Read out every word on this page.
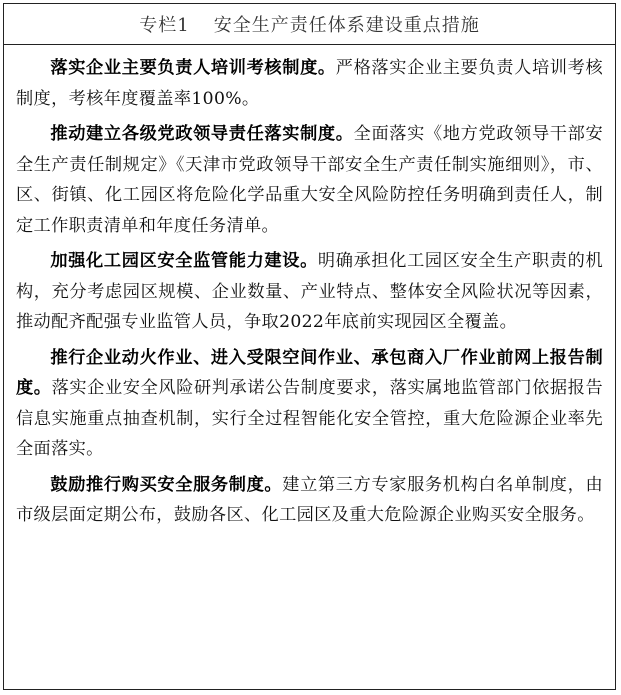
专栏1 安全生产责任体系建设重点措施

落实企业主要负责人培训考核制度。严格落实企业主要负责人培训考核制度，考核年度覆盖率100%。

推动建立各级党政领导责任落实制度。全面落实《地方党政领导干部安全生产责任制规定》《天津市党政领导干部安全生产责任制实施细则》，市、区、街镇、化工园区将危险化学品重大安全风险防控任务明确到责任人，制定工作职责清单和年度任务清单。

加强化工园区安全监管能力建设。明确承担化工园区安全生产职责的机构，充分考虑园区规模、企业数量、产业特点、整体安全风险状况等因素，推动配齐配强专业监管人员，争取2022年底前实现园区全覆盖。

推行企业动火作业、进入受限空间作业、承包商入厂作业前网上报告制度。落实企业安全风险研判承诺公告制度要求，落实属地监管部门依据报告信息实施重点抽查机制，实行全过程智能化安全管控，重大危险源企业率先全面落实。

鼓励推行购买安全服务制度。建立第三方专家服务机构白名单制度，由市级层面定期公布，鼓励各区、化工园区及重大危险源企业购买安全服务。
